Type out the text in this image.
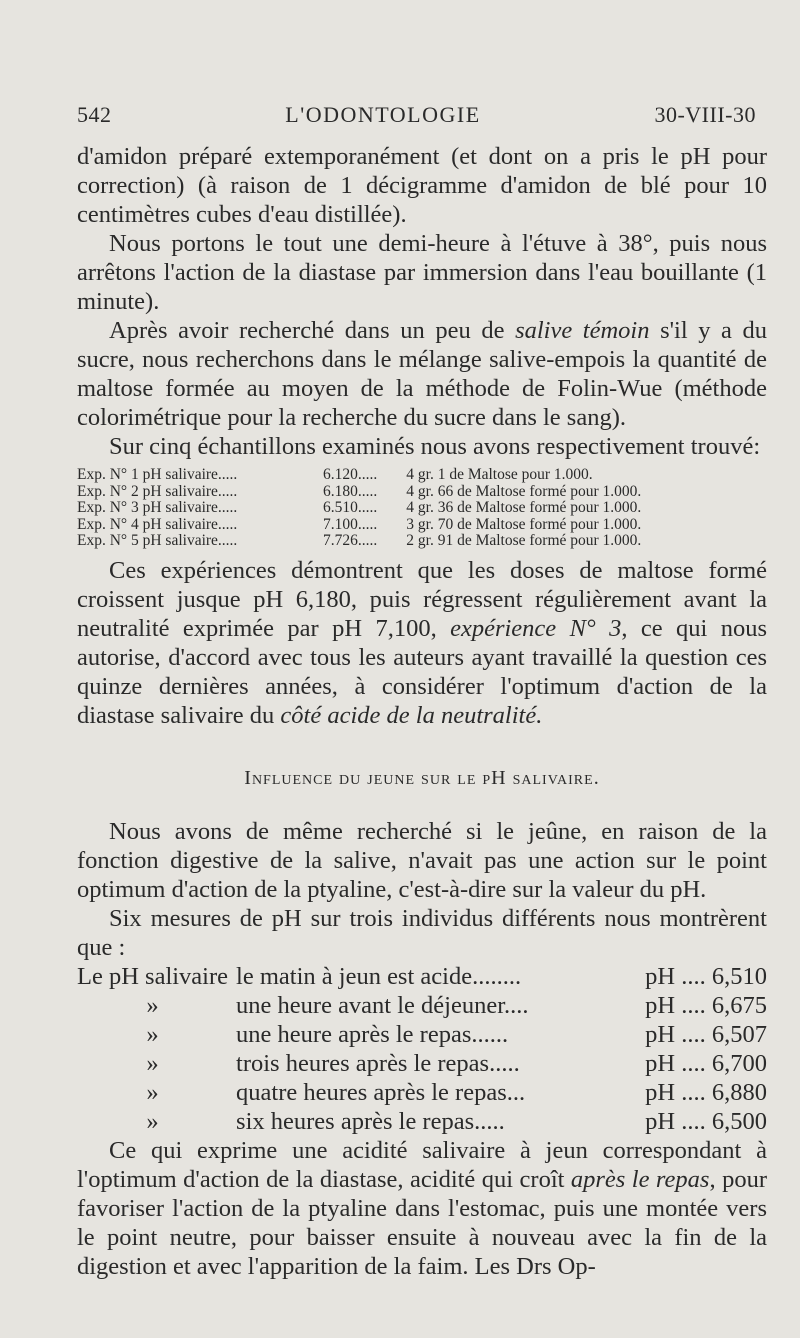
542	L'ODONTOLOGIE	30-VIII-30

d'amidon préparé extemporanément (et dont on a pris le pH pour correction) (à raison de 1 décigramme d'amidon de blé pour 10 centimètres cubes d'eau distillée).

Nous portons le tout une demi-heure à l'étuve à 38°, puis nous arrêtons l'action de la diastase par immersion dans l'eau bouillante (1 minute).

Après avoir recherché dans un peu de salive témoin s'il y a du sucre, nous recherchons dans le mélange salive-empois la quantité de maltose formée au moyen de la méthode de Folin-Wue (méthode colorimétrique pour la recherche du sucre dans le sang).

Sur cinq échantillons examinés nous avons respectivement trouvé:

Exp. N° 1 pH salivaire.....	6.120.....	4 gr. 1 de Maltose pour 1.000.
Exp. N° 2 pH salivaire.....	6.180.....	4 gr. 66 de Maltose formé pour 1.000.
Exp. N° 3 pH salivaire.....	6.510.....	4 gr. 36 de Maltose formé pour 1.000.
Exp. N° 4 pH salivaire.....	7.100.....	3 gr. 70 de Maltose formé pour 1.000.
Exp. N° 5 pH salivaire.....	7.726.....	2 gr. 91 de Maltose formé pour 1.000.

Ces expériences démontrent que les doses de maltose formé croissent jusque pH 6,180, puis régressent régulièrement avant la neutralité exprimée par pH 7,100, expérience N° 3, ce qui nous autorise, d'accord avec tous les auteurs ayant travaillé la question ces quinze dernières années, à considérer l'optimum d'action de la diastase salivaire du côté acide de la neutralité.

Influence du jeune sur le pH salivaire.

Nous avons de même recherché si le jeûne, en raison de la fonction digestive de la salive, n'avait pas une action sur le point optimum d'action de la ptyaline, c'est-à-dire sur la valeur du pH.

Six mesures de pH sur trois individus différents nous montrèrent que :

Le pH salivaire	le matin à jeun est acide........	pH .... 6,510
»	une heure avant le déjeuner....	pH .... 6,675
»	une heure après le repas......	pH .... 6,507
»	trois heures après le repas.....	pH .... 6,700
»	quatre heures après le repas...	pH .... 6,880
»	six heures après le repas.....	pH .... 6,500

Ce qui exprime une acidité salivaire à jeun correspondant à l'optimum d'action de la diastase, acidité qui croît après le repas, pour favoriser l'action de la ptyaline dans l'estomac, puis une montée vers le point neutre, pour baisser ensuite à nouveau avec la fin de la digestion et avec l'apparition de la faim. Les Drs Op-
